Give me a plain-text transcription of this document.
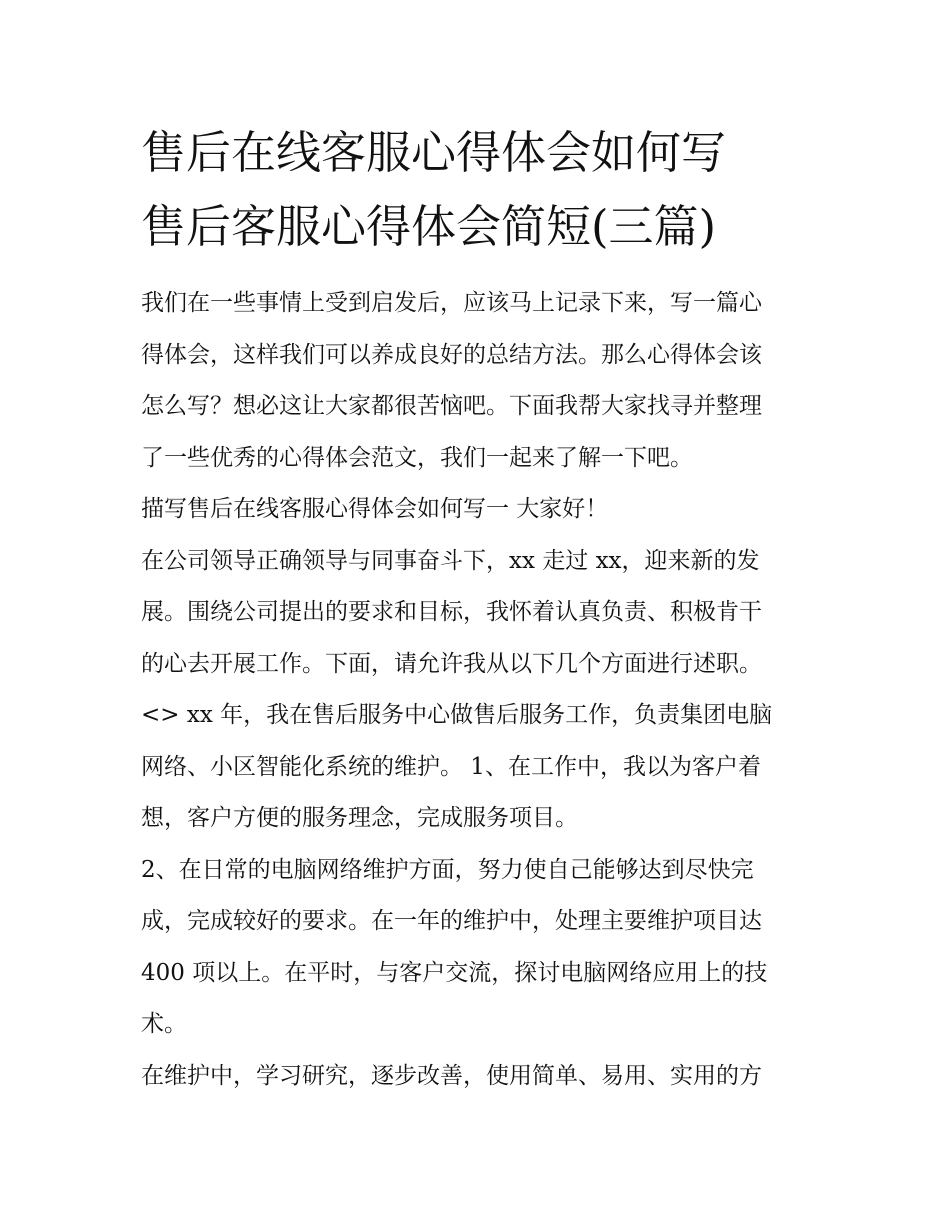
售后在线客服心得体会如何写
售后客服心得体会简短(三篇)
我们在一些事情上受到启发后，应该马上记录下来，写一篇心
得体会，这样我们可以养成良好的总结方法。那么心得体会该
怎么写？想必这让大家都很苦恼吧。下面我帮大家找寻并整理
了一些优秀的心得体会范文，我们一起来了解一下吧。
描写售后在线客服心得体会如何写一 大家好！
在公司领导正确领导与同事奋斗下，xx 走过 xx，迎来新的发
展。围绕公司提出的要求和目标，我怀着认真负责、积极肯干
的心去开展工作。下面，请允许我从以下几个方面进行述职。
<> xx 年，我在售后服务中心做售后服务工作，负责集团电脑
网络、小区智能化系统的维护。 1、在工作中，我以为客户着
想，客户方便的服务理念，完成服务项目。
2、在日常的电脑网络维护方面，努力使自己能够达到尽快完
成，完成较好的要求。在一年的维护中，处理主要维护项目达
400 项以上。在平时，与客户交流，探讨电脑网络应用上的技
术。
在维护中，学习研究，逐步改善，使用简单、易用、实用的方
